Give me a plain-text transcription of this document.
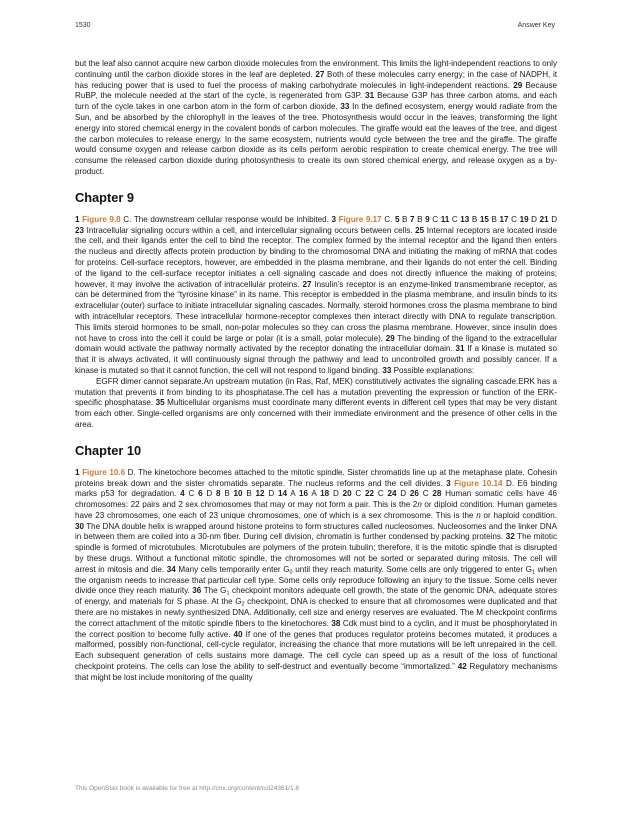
1530	Answer Key

but the leaf also cannot acquire new carbon dioxide molecules from the environment. This limits the light-independent reactions to only continuing until the carbon dioxide stores in the leaf are depleted. 27 Both of these molecules carry energy; in the case of NADPH, it has reducing power that is used to fuel the process of making carbohydrate molecules in light-independent reactions. 29 Because RuBP, the molecule needed at the start of the cycle, is regenerated from G3P. 31 Because G3P has three carbon atoms, and each turn of the cycle takes in one carbon atom in the form of carbon dioxide. 33 In the defined ecosystem, energy would radiate from the Sun, and be absorbed by the chlorophyll in the leaves of the tree. Photosynthesis would occur in the leaves, transforming the light energy into stored chemical energy in the covalent bonds of carbon molecules. The giraffe would eat the leaves of the tree, and digest the carbon molecules to release energy. In the same ecosystem, nutrients would cycle between the tree and the giraffe. The giraffe would consume oxygen and release carbon dioxide as its cells perform aerobic respiration to create chemical energy. The tree will consume the released carbon dioxide during photosynthesis to create its own stored chemical energy, and release oxygen as a by-product.

Chapter 9

1 Figure 9.8 C. The downstream cellular response would be inhibited. 3 Figure 9.17 C. 5 B 7 B 9 C 11 C 13 B 15 B 17 C 19 D 21 D 23 Intracellular signaling occurs within a cell, and intercellular signaling occurs between cells. 25 Internal receptors are located inside the cell, and their ligands enter the cell to bind the receptor. The complex formed by the internal receptor and the ligand then enters the nucleus and directly affects protein production by binding to the chromosomal DNA and initiating the making of mRNA that codes for proteins. Cell-surface receptors, however, are embedded in the plasma membrane, and their ligands do not enter the cell. Binding of the ligand to the cell-surface receptor initiates a cell signaling cascade and does not directly influence the making of proteins; however, it may involve the activation of intracellular proteins. 27 Insulin’s receptor is an enzyme-linked transmembrane receptor, as can be determined from the “tyrosine kinase” in its name. This receptor is embedded in the plasma membrane, and insulin binds to its extracellular (outer) surface to initiate intracellular signaling cascades. Normally, steroid hormones cross the plasma membrane to bind with intracellular receptors. These intracellular hormone-receptor complexes then interact directly with DNA to regulate transcription. This limits steroid hormones to be small, non-polar molecules so they can cross the plasma membrane. However, since insulin does not have to cross into the cell it could be large or polar (it is a small, polar molecule). 29 The binding of the ligand to the extracellular domain would activate the pathway normally activated by the receptor donating the intracellular domain. 31 If a kinase is mutated so that it is always activated, it will continuously signal through the pathway and lead to uncontrolled growth and possibly cancer. If a kinase is mutated so that it cannot function, the cell will not respond to ligand binding. 33 Possible explanations:

EGFR dimer cannot separate.An upstream mutation (in Ras, Raf, MEK) constitutively activates the signaling cascade.ERK has a mutation that prevents it from binding to its phosphatase.The cell has a mutation preventing the expression or function of the ERK-specific phosphatase. 35 Multicellular organisms must coordinate many different events in different cell types that may be very distant from each other. Single-celled organisms are only concerned with their immediate environment and the presence of other cells in the area.

Chapter 10

1 Figure 10.6 D. The kinetochore becomes attached to the mitotic spindle. Sister chromatids line up at the metaphase plate. Cohesin proteins break down and the sister chromatids separate. The nucleus reforms and the cell divides. 3 Figure 10.14 D. E6 binding marks p53 for degradation. 4 C 6 D 8 B 10 B 12 D 14 A 16 A 18 D 20 C 22 C 24 D 26 C 28 Human somatic cells have 46 chromosomes: 22 pairs and 2 sex chromosomes that may or may not form a pair. This is the 2n or diploid condition. Human gametes have 23 chromosomes, one each of 23 unique chromosomes, one of which is a sex chromosome. This is the n or haploid condition. 30 The DNA double helix is wrapped around histone proteins to form structures called nucleosomes. Nucleosomes and the linker DNA in between them are coiled into a 30-nm fiber. During cell division, chromatin is further condensed by packing proteins. 32 The mitotic spindle is formed of microtubules. Microtubules are polymers of the protein tubulin; therefore, it is the mitotic spindle that is disrupted by these drugs. Without a functional mitotic spindle, the chromosomes will not be sorted or separated during mitosis. The cell will arrest in mitosis and die. 34 Many cells temporarily enter $G_0$ until they reach maturity. Some cells are only triggered to enter $G_1$ when the organism needs to increase that particular cell type. Some cells only reproduce following an injury to the tissue. Some cells never divide once they reach maturity. 36 The $G_1$ checkpoint monitors adequate cell growth, the state of the genomic DNA, adequate stores of energy, and materials for S phase. At the $G_2$ checkpoint, DNA is checked to ensure that all chromosomes were duplicated and that there are no mistakes in newly synthesized DNA. Additionally, cell size and energy reserves are evaluated. The M checkpoint confirms the correct attachment of the mitotic spindle fibers to the kinetochores. 38 Cdk must bind to a cyclin, and it must be phosphorylated in the correct position to become fully active. 40 If one of the genes that produces regulator proteins becomes mutated, it produces a malformed, possibly non-functional, cell-cycle regulator, increasing the chance that more mutations will be left unrepaired in the cell. Each subsequent generation of cells sustains more damage. The cell cycle can speed up as a result of the loss of functional checkpoint proteins. The cells can lose the ability to self-destruct and eventually become “immortalized.” 42 Regulatory mechanisms that might be lost include monitoring of the quality

This OpenStax book is available for free at http://cnx.org/content/col24361/1.8
